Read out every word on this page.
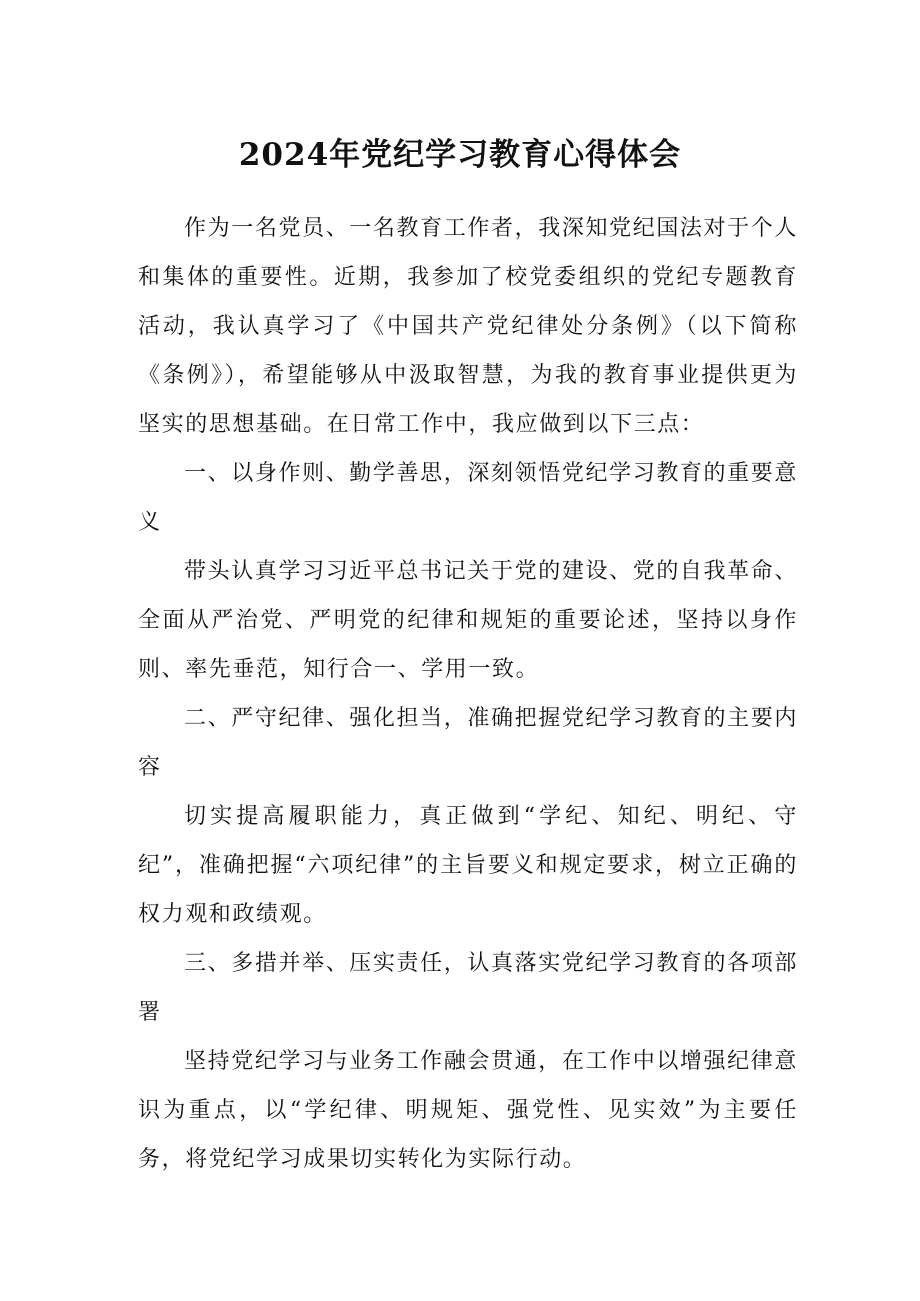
2024年党纪学习教育心得体会

作为一名党员、一名教育工作者，我深知党纪国法对于个人和集体的重要性。近期，我参加了校党委组织的党纪专题教育活动，我认真学习了《中国共产党纪律处分条例》（以下简称《条例》），希望能够从中汲取智慧，为我的教育事业提供更为坚实的思想基础。在日常工作中，我应做到以下三点：

一、以身作则、勤学善思，深刻领悟党纪学习教育的重要意义

带头认真学习习近平总书记关于党的建设、党的自我革命、全面从严治党、严明党的纪律和规矩的重要论述，坚持以身作则、率先垂范，知行合一、学用一致。

二、严守纪律、强化担当，准确把握党纪学习教育的主要内容

切实提高履职能力，真正做到“学纪、知纪、明纪、守纪”，准确把握“六项纪律”的主旨要义和规定要求，树立正确的权力观和政绩观。

三、多措并举、压实责任，认真落实党纪学习教育的各项部署

坚持党纪学习与业务工作融会贯通，在工作中以增强纪律意识为重点，以“学纪律、明规矩、强党性、见实效”为主要任务，将党纪学习成果切实转化为实际行动。
